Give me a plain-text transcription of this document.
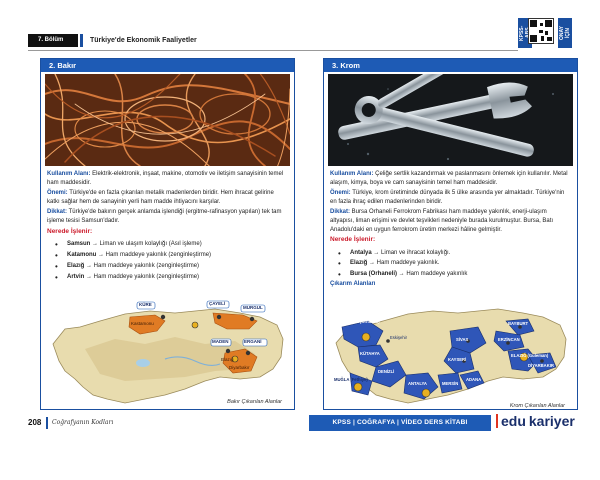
7. Bölüm	Türkiye'de Ekonomik Faaliyetler	KPSS-	ONAY İÇİN
2. Bakır
Kullanım Alanı: Elektrik-elektronik, inşaat, makine, otomotiv ve iletişim sanayisinin temel ham maddesidir.
Önemi: Türkiye'de en fazla çıkarılan metalik madenlerden biridir. Hem ihracat gelirine katkı sağlar hem de sanayinin yerli ham madde ihtiyacını karşılar.
Dikkat: Türkiye'de bakırın gerçek anlamda işlendiği (ergitme-rafinasyon yapılan) tek tam işleme tesisi Samsun'dadır.
Nerede İşlenir:
• Samsun → Liman ve ulaşım kolaylığı (Asıl işleme)
• Katamonu → Ham maddeye yakınlık (zenginleştirme)
• Elazığ → Ham maddeye yakınlık (zenginleştirme)
• Artvin → Ham maddeye yakınlık (zenginleştirme)
KÜRE
Kastamonu
ÇAYELİ
MURGUL
MADEN	ERGANİ
Elazığ
Diyarbakır
Bakır Çıkarılan Alanlar
3. Krom
Kullanım Alanı: Çeliğe sertlik kazandırmak ve paslanmasını önlemek için kullanılır. Metal alaşım, kimya, boya ve cam sanayisinin temel ham maddesidir.
Önemi: Türkiye, krom üretiminde dünyada ilk 5 ülke arasında yer almaktadır. Türkiye'nin en fazla ihraç edilen madenlerinden biridir.
Dikkat: Bursa Orhaneli Ferrokrom Fabrikası ham maddeye yakınlık, enerji-ulaşım altyapısı, liman erişimi ve devlet teşvikleri nedeniyle burada kurulmuştur. Bursa, Batı Anadolu'daki en uygun ferrokrom üretim merkezi hâline gelmiştir.
Nerede İşlenir:
• Antalya → Liman ve ihracat kolaylığı.
• Elazığ → Ham maddeye yakınlık.
• Bursa (Orhaneli) → Ham maddeye yakınlık
Çıkarım Alanları
BURSA (Orhaneli)
Eskişehir
KÜTAHYA
SİVAS
KAYSERİ
BAYBURT
ERZİNCAN
ELAZIĞ (Guleman)
DİYARBAKIR
DENİZLİ
MUĞLA (Fethiye)
ANTALYA	MERSİN
ADANA
Krom Çıkarılan Alanlar
208 Coğrafyanın Kodları	KPSS | COĞRAFYA | VİDEO DERS KİTABI	edu kariyer
